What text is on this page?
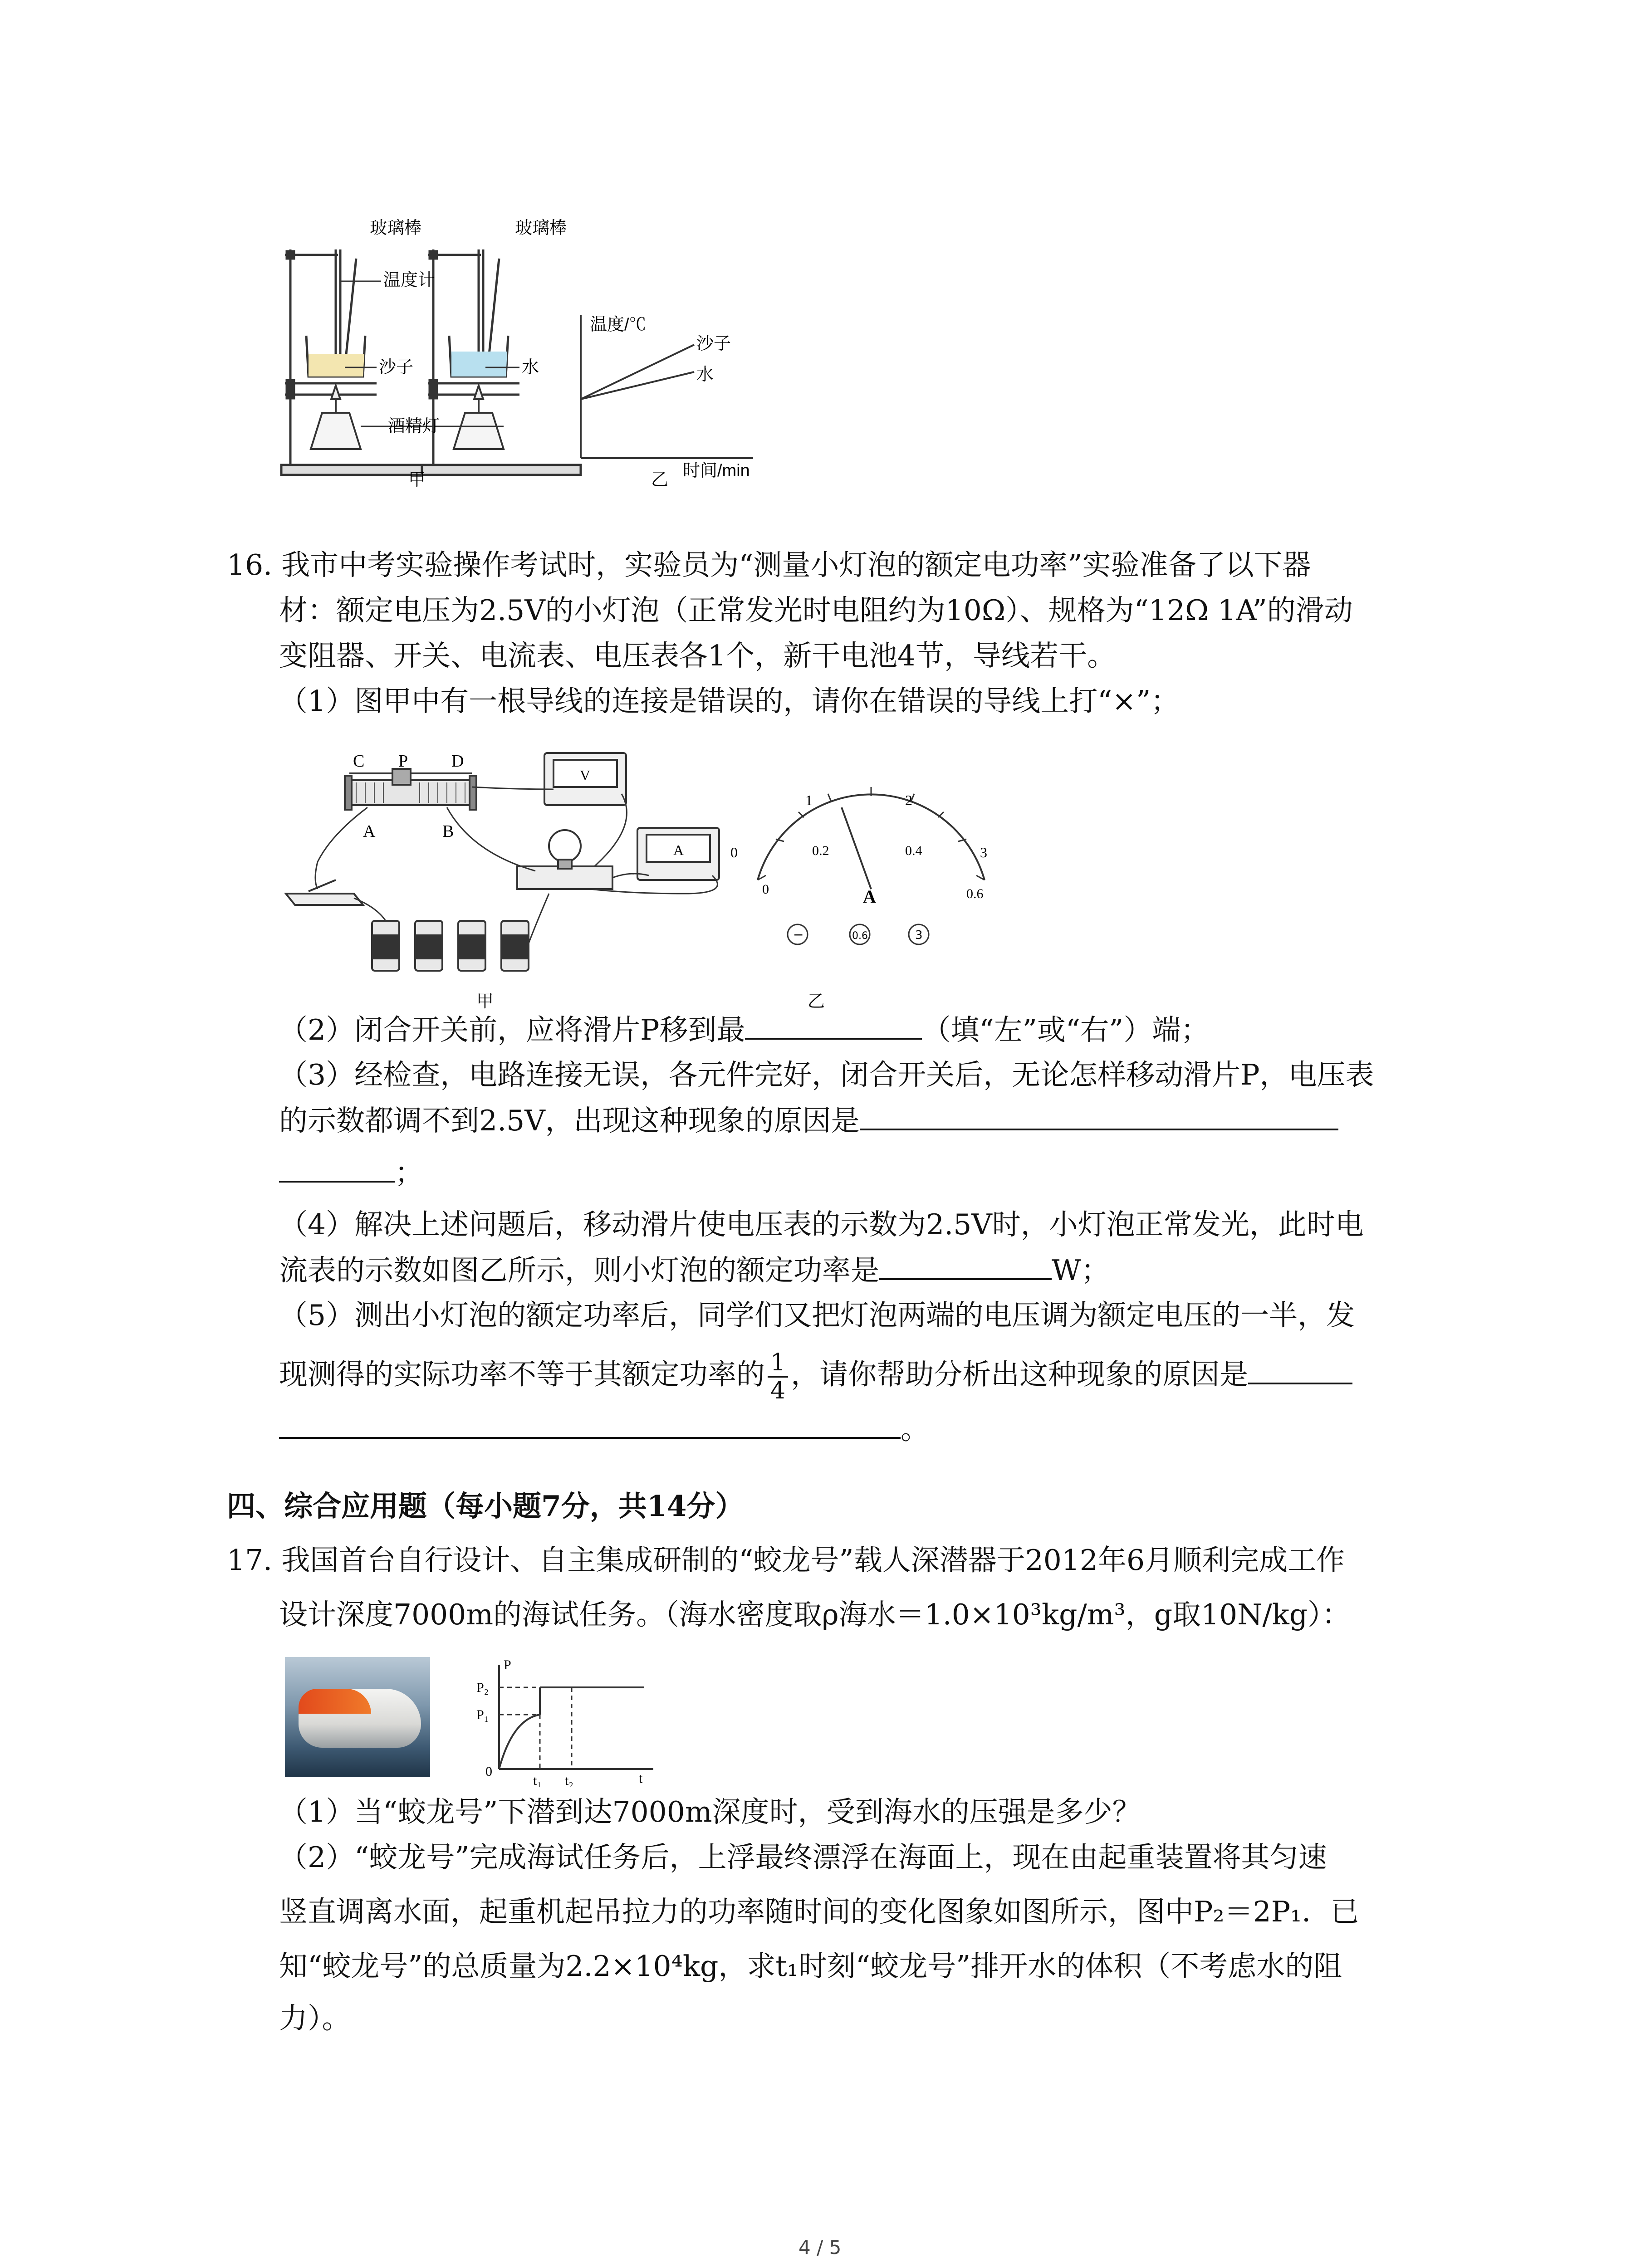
玻璃棒	玻璃棒
温度计
沙子	水
酒精灯
甲
温度/℃
沙子
水
时间/min
乙
16. 我市中考实验操作考试时，实验员为“测量小灯泡的额定电功率”实验准备了以下器
材：额定电压为2.5V的小灯泡（正常发光时电阻约为10Ω）、规格为“12Ω 1A”的滑动
变阻器、开关、电流表、电压表各1个，新干电池4节，导线若干。
（1）图甲中有一根导线的连接是错误的，请你在错误的导线上打“×”；
C P	D
A	B
V
A
甲
0
1	2
3
0
0.2	0.4
0.6
A
−	0.6	3
乙
（2）闭合开关前，应将滑片P移到最	（填“左”或“右”）端；
（3）经检查，电路连接无误，各元件完好，闭合开关后，无论怎样移动滑片P，电压表
的示数都调不到2.5V，出现这种现象的原因是
；
（4）解决上述问题后，移动滑片使电压表的示数为2.5V时，小灯泡正常发光，此时电
流表的示数如图乙所示，则小灯泡的额定功率是	W；
（5）测出小灯泡的额定功率后，同学们又把灯泡两端的电压调为额定电压的一半，发
现测得的实际功率不等于其额定功率的 $\frac{1}{4}$ ，请你帮助分析出这种现象的原因是
。
四、综合应用题（每小题7分，共14分）
17. 我国首台自行设计、自主集成研制的“蛟龙号”载人深潜器于2012年6月顺利完成工作
设计深度7000m的海试任务。（海水密度取ρ海水＝1.0×10³kg/m³，g取10N/kg）：
P
P₂
P₁
0
t₁ t₂	t
（1）当“蛟龙号”下潜到达7000m深度时，受到海水的压强是多少？
（2）“蛟龙号”完成海试任务后，上浮最终漂浮在海面上，现在由起重装置将其匀速
竖直调离水面，起重机起吊拉力的功率随时间的变化图象如图所示，图中P₂＝2P₁．已
知“蛟龙号”的总质量为2.2×10⁴kg，求t₁时刻“蛟龙号”排开水的体积（不考虑水的阻
力）。
4 / 5
